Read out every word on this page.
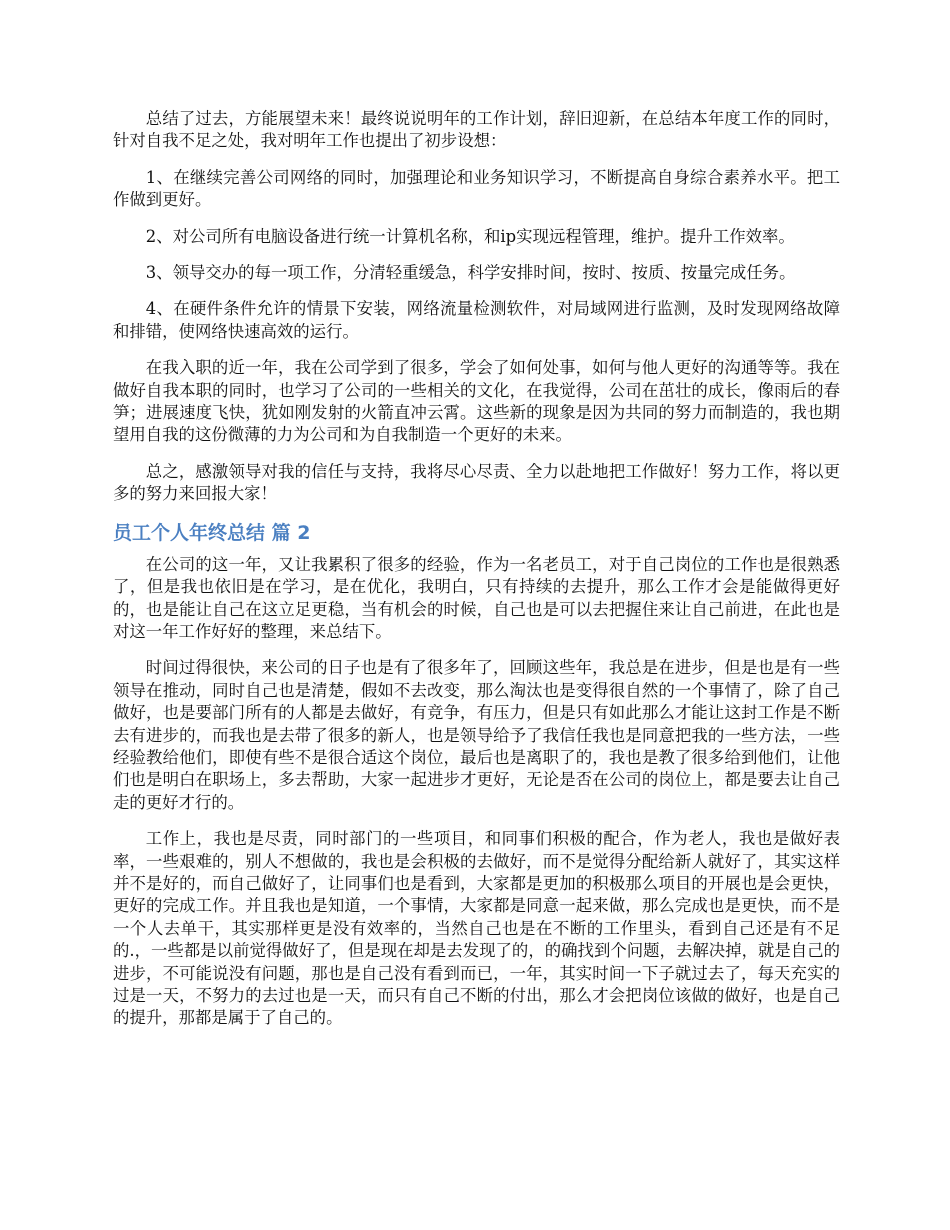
总结了过去，方能展望未来！最终说说明年的工作计划，辞旧迎新，在总结本年度工作的同时，针对自我不足之处，我对明年工作也提出了初步设想：

1、在继续完善公司网络的同时，加强理论和业务知识学习，不断提高自身综合素养水平。把工作做到更好。

2、对公司所有电脑设备进行统一计算机名称，和ip实现远程管理，维护。提升工作效率。

3、领导交办的每一项工作，分清轻重缓急，科学安排时间，按时、按质、按量完成任务。

4、在硬件条件允许的情景下安装，网络流量检测软件，对局域网进行监测，及时发现网络故障和排错，使网络快速高效的运行。

在我入职的近一年，我在公司学到了很多，学会了如何处事，如何与他人更好的沟通等等。我在做好自我本职的同时，也学习了公司的一些相关的文化，在我觉得，公司在茁壮的成长，像雨后的春笋；进展速度飞快，犹如刚发射的火箭直冲云霄。这些新的现象是因为共同的努力而制造的，我也期望用自我的这份微薄的力为公司和为自我制造一个更好的未来。

总之，感激领导对我的信任与支持，我将尽心尽责、全力以赴地把工作做好！努力工作，将以更多的努力来回报大家！

员工个人年终总结 篇 2

在公司的这一年，又让我累积了很多的经验，作为一名老员工，对于自己岗位的工作也是很熟悉了，但是我也依旧是在学习，是在优化，我明白，只有持续的去提升，那么工作才会是能做得更好的，也是能让自己在这立足更稳，当有机会的时候，自己也是可以去把握住来让自己前进，在此也是对这一年工作好好的整理，来总结下。

时间过得很快，来公司的日子也是有了很多年了，回顾这些年，我总是在进步，但是也是有一些领导在推动，同时自己也是清楚，假如不去改变，那么淘汰也是变得很自然的一个事情了，除了自己做好，也是要部门所有的人都是去做好，有竞争，有压力，但是只有如此那么才能让这封工作是不断去有进步的，而我也是去带了很多的新人，也是领导给予了我信任我也是同意把我的一些方法，一些经验教给他们，即使有些不是很合适这个岗位，最后也是离职了的，我也是教了很多给到他们，让他们也是明白在职场上，多去帮助，大家一起进步才更好，无论是否在公司的岗位上，都是要去让自己走的更好才行的。

工作上，我也是尽责，同时部门的一些项目，和同事们积极的配合，作为老人，我也是做好表率，一些艰难的，别人不想做的，我也是会积极的去做好，而不是觉得分配给新人就好了，其实这样并不是好的，而自己做好了，让同事们也是看到，大家都是更加的积极那么项目的开展也是会更快，更好的完成工作。并且我也是知道，一个事情，大家都是同意一起来做，那么完成也是更快，而不是一个人去单干，其实那样更是没有效率的，当然自己也是在不断的工作里头，看到自己还是有不足的.，一些都是以前觉得做好了，但是现在却是去发现了的，的确找到个问题，去解决掉，就是自己的进步，不可能说没有问题，那也是自己没有看到而已，一年，其实时间一下子就过去了，每天充实的过是一天，不努力的去过也是一天，而只有自己不断的付出，那么才会把岗位该做的做好，也是自己的提升，那都是属于了自己的。
